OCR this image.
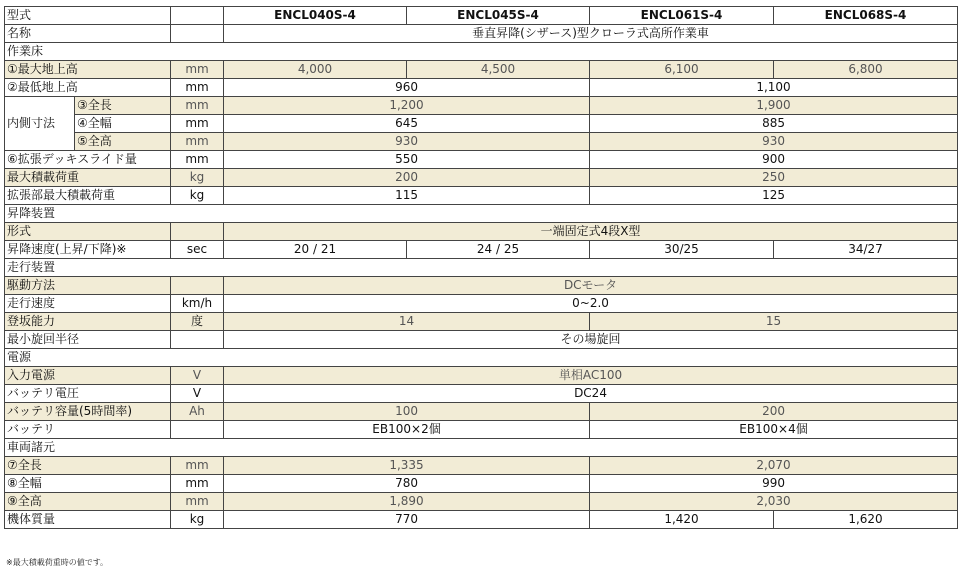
型式			ENCL040S-4	ENCL045S-4	ENCL061S-4	ENCL068S-4
名称			垂直昇降(シザース)型クローラ式高所作業車			
作業床						
①最大地上高		mm	4,000	4,500	6,100	6,800
②最低地上高		mm	960		1,100	
内側寸法	③全長	mm	1,200		1,900	
	④全幅	mm	645		885	
	⑤全高	mm	930		930	
⑥拡張デッキスライド量		mm	550		900	
最大積載荷重		kg	200		250	
拡張部最大積載荷重		kg	115		125	
昇降装置						
形式			一端固定式4段X型			
昇降速度(上昇/下降)※		sec	20 / 21	24 / 25	30/25	34/27
走行装置						
駆動方法			DCモータ			
走行速度		km/h	0~2.0			
登坂能力		度	14		15	
最小旋回半径			その場旋回			
電源						
入力電源		V	単相AC100			
バッテリ電圧		V	DC24			
バッテリ容量(5時間率)		Ah	100		200	
バッテリ			EB100×2個		EB100×4個	
車両諸元						
⑦全長		mm	1,335		2,070	
⑧全幅		mm	780		990	
⑨全高		mm	1,890		2,030	
機体質量		kg	770		1,420	1,620
※最大積載荷重時の値です。
